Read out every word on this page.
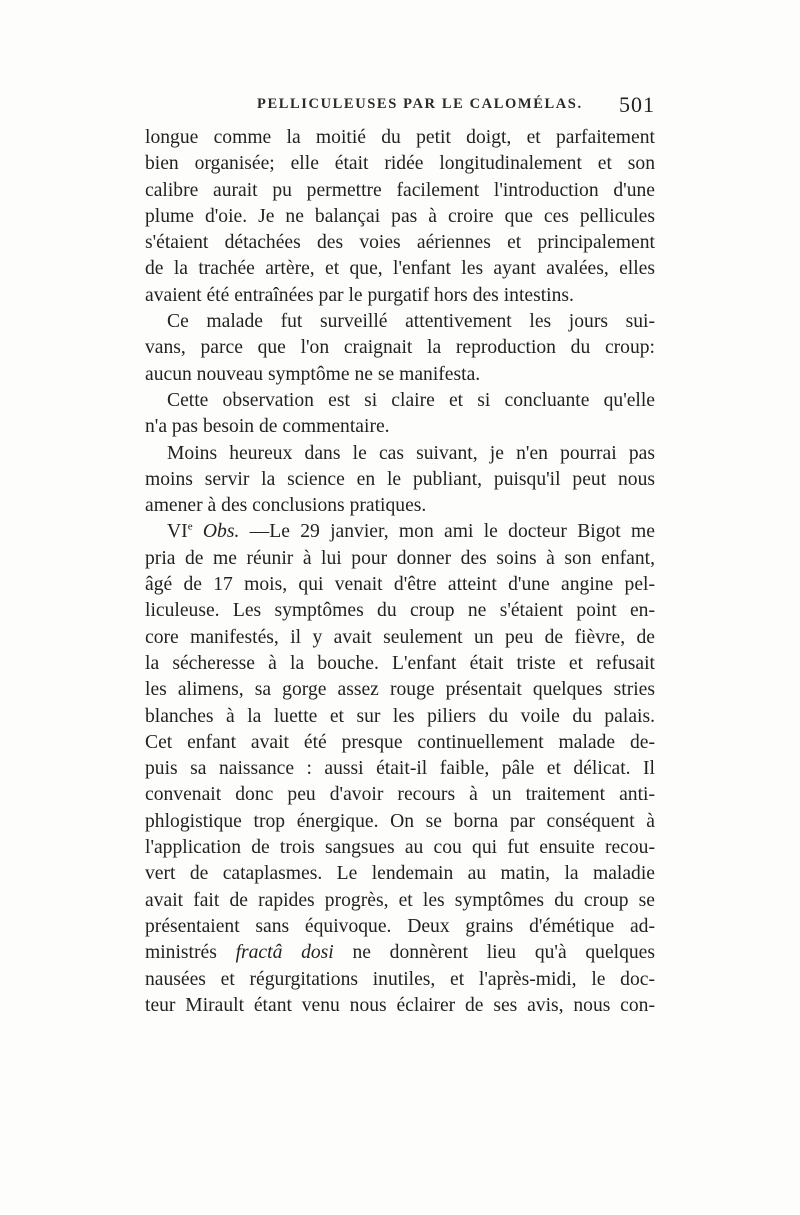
PELLICULEUSES PAR LE CALOMÉLAS. 501
longue comme la moitié du petit doigt, et parfaitement
bien organisée; elle était ridée longitudinalement et son
calibre aurait pu permettre facilement l'introduction d'une
plume d'oie. Je ne balançai pas à croire que ces pellicules
s'étaient détachées des voies aériennes et principalement
de la trachée artère, et que, l'enfant les ayant avalées, elles
avaient été entraînées par le purgatif hors des intestins.
Ce malade fut surveillé attentivement les jours sui-
vans, parce que l'on craignait la reproduction du croup:
aucun nouveau symptôme ne se manifesta.
Cette observation est si claire et si concluante qu'elle
n'a pas besoin de commentaire.
Moins heureux dans le cas suivant, je n'en pourrai pas
moins servir la science en le publiant, puisqu'il peut nous
amener à des conclusions pratiques.
VIe Obs. —Le 29 janvier, mon ami le docteur Bigot me
pria de me réunir à lui pour donner des soins à son enfant,
âgé de 17 mois, qui venait d'être atteint d'une angine pel-
liculeuse. Les symptômes du croup ne s'étaient point en-
core manifestés, il y avait seulement un peu de fièvre, de
la sécheresse à la bouche. L'enfant était triste et refusait
les alimens, sa gorge assez rouge présentait quelques stries
blanches à la luette et sur les piliers du voile du palais.
Cet enfant avait été presque continuellement malade de-
puis sa naissance : aussi était-il faible, pâle et délicat. Il
convenait donc peu d'avoir recours à un traitement anti-
phlogistique trop énergique. On se borna par conséquent à
l'application de trois sangsues au cou qui fut ensuite recou-
vert de cataplasmes. Le lendemain au matin, la maladie
avait fait de rapides progrès, et les symptômes du croup se
présentaient sans équivoque. Deux grains d'émétique ad-
ministrés fractâ dosi ne donnèrent lieu qu'à quelques
nausées et régurgitations inutiles, et l'après-midi, le doc-
teur Mirault étant venu nous éclairer de ses avis, nous con-
